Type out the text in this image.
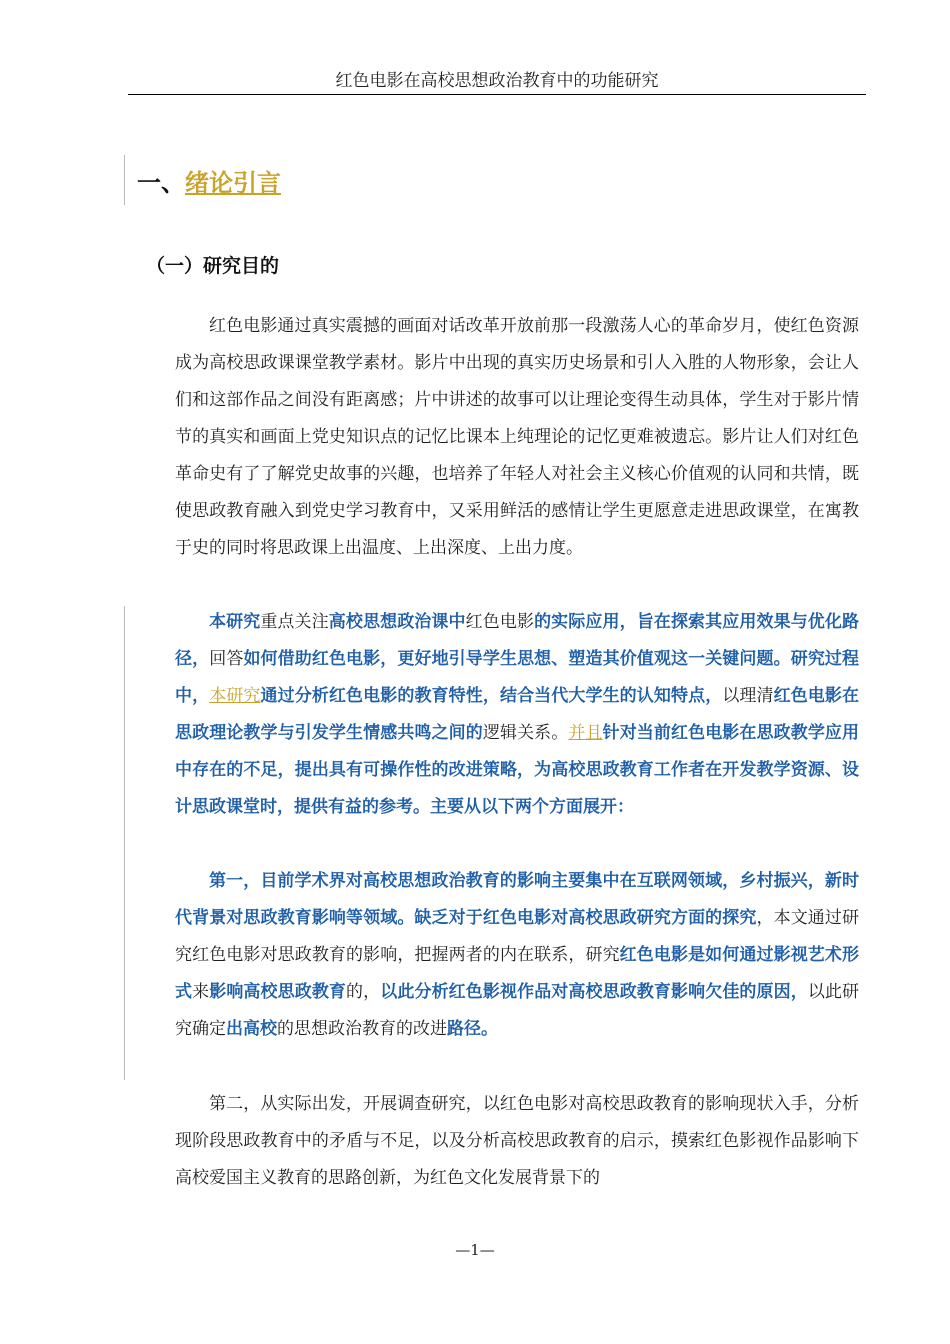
红色电影在高校思想政治教育中的功能研究
一、绪论引言
（一）研究目的

红色电影通过真实震撼的画面对话改革开放前那一段激荡人心的革命岁月，使红色资源成为高校思政课课堂教学素材。影片中出现的真实历史场景和引人入胜的人物形象，会让人们和这部作品之间没有距离感；片中讲述的故事可以让理论变得生动具体，学生对于影片情节的真实和画面上党史知识点的记忆比课本上纯理论的记忆更难被遗忘。影片让人们对红色革命史有了了解党史故事的兴趣，也培养了年轻人对社会主义核心价值观的认同和共情，既使思政教育融入到党史学习教育中，又采用鲜活的感情让学生更愿意走进思政课堂，在寓教于史的同时将思政课上出温度、上出深度、上出力度。

本研究重点关注高校思想政治课中红色电影的实际应用，旨在探索其应用效果与优化路径，回答如何借助红色电影，更好地引导学生思想、塑造其价值观这一关键问题。研究过程中，本研究通过分析红色电影的教育特性，结合当代大学生的认知特点，以理清红色电影在思政理论教学与引发学生情感共鸣之间的逻辑关系。并且针对当前红色电影在思政教学应用中存在的不足，提出具有可操作性的改进策略，为高校思政教育工作者在开发教学资源、设计思政课堂时，提供有益的参考。主要从以下两个方面展开：

第一，目前学术界对高校思想政治教育的影响主要集中在互联网领域，乡村振兴，新时代背景对思政教育影响等领域。缺乏对于红色电影对高校思政研究方面的探究，本文通过研究红色电影对思政教育的影响，把握两者的内在联系，研究红色电影是如何通过影视艺术形式来影响高校思政教育的，以此分析红色影视作品对高校思政教育影响欠佳的原因，以此研究确定出高校的思想政治教育的改进路径。

第二，从实际出发，开展调查研究，以红色电影对高校思政教育的影响现状入手，分析现阶段思政教育中的矛盾与不足，以及分析高校思政教育的启示，摸索红色影视作品影响下高校爱国主义教育的思路创新，为红色文化发展背景下的

—1—
